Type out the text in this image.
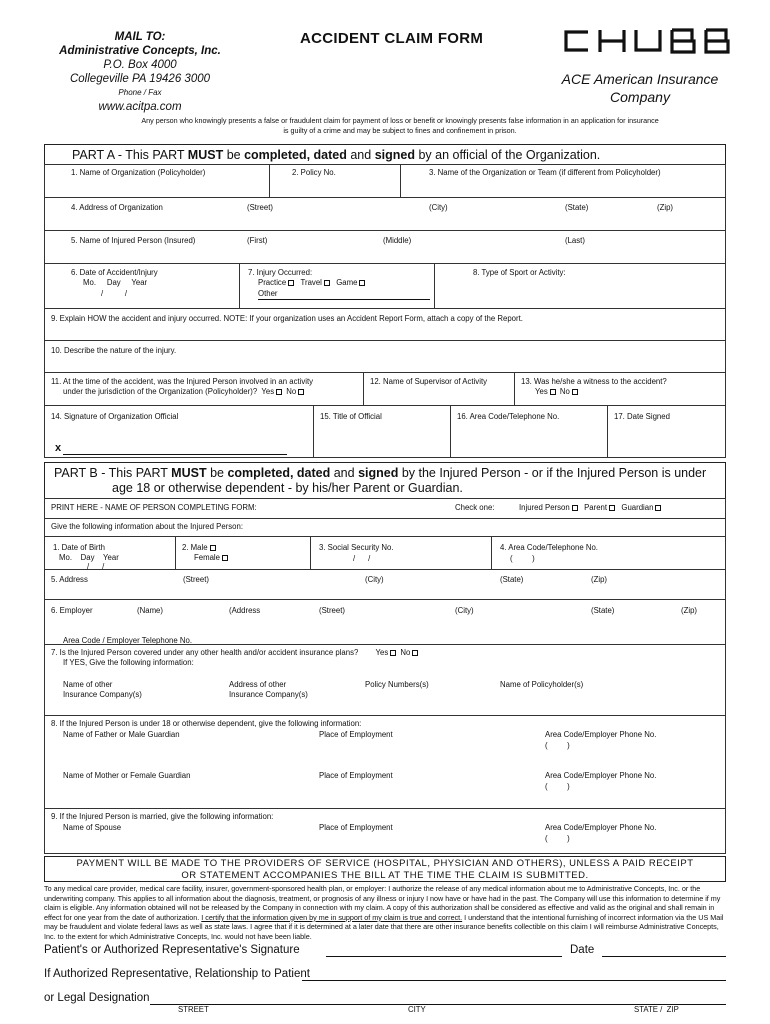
MAIL TO:
Administrative Concepts, Inc.
P.O. Box 4000
Collegeville PA 19426 3000
Phone / Fax
www.acitpa.com
ACCIDENT CLAIM FORM
ACE American Insurance
Company
Any person who knowingly presents a false or fraudulent claim for payment of loss or benefit or knowingly presents false information in an application for insurance is guilty of a crime and may be subject to fines and confinement in prison.
PART A - This PART MUST be completed, dated and signed by an official of the Organization.
1. Name of Organization (Policyholder)	2. Policy No.	3. Name of the Organization or Team (if different from Policyholder)
4. Address of Organization	(Street)	(City)	(State)	(Zip)
5. Name of Injured Person (Insured)	(First)	(Middle)	(Last)
6. Date of Accident/Injury
Mo.     Day     Year
/          /
7. Injury Occurred:
Practice Travel Game
Other
8. Type of Sport or Activity:
9. Explain HOW the accident and injury occurred. NOTE: If your organization uses an Accident Report Form, attach a copy of the Report.
10. Describe the nature of the injury.
11. At the time of the accident, was the Injured Person involved in an activity
under the jurisdiction of the Organization (Policyholder)? Yes No
12. Name of Supervisor of Activity	13. Was he/she a witness to the accident?
Yes No
14. Signature of Organization Official
x
15. Title of Official	16. Area Code/Telephone No.	17. Date Signed
PART B - This PART MUST be completed, dated and signed by the Injured Person - or if the Injured Person is under
age 18 or otherwise dependent - by his/her Parent or Guardian.
PRINT HERE - NAME OF PERSON COMPLETING FORM:	Check one:	Injured Person Parent Guardian
Give the following information about the Injured Person:
1. Date of Birth
Mo.    Day    Year
/      /
2. Male
Female
3. Social Security No.
/      /
4. Area Code/Telephone No.
(         )
5. Address	(Street)	(City)	(State)	(Zip)
6. Employer	(Name)	(Address	(Street)	(City)	(State)	(Zip)
Area Code / Employer Telephone No.
7. Is the Injured Person covered under any other health and/or accident insurance plans? Yes No
If YES, Give the following information:
Name of other
Insurance Company(s)
Address of other
Insurance Company(s)
Policy Numbers(s)	Name of Policyholder(s)
8. If the Injured Person is under 18 or otherwise dependent, give the following information:
Name of Father or Male Guardian	Place of Employment	Area Code/Employer Phone No.
(         )
Name of Mother or Female Guardian	Place of Employment	Area Code/Employer Phone No.
(         )
9. If the Injured Person is married, give the following information:
Name of Spouse	Place of Employment	Area Code/Employer Phone No.
(         )
PAYMENT WILL BE MADE TO THE PROVIDERS OF SERVICE (HOSPITAL, PHYSICIAN AND OTHERS), UNLESS A PAID RECEIPT
OR STATEMENT ACCOMPANIES THE BILL AT THE TIME THE CLAIM IS SUBMITTED.
To any medical care provider, medical care facility, insurer, government-sponsored health plan, or employer: I authorize the release of any medical information about me to Administrative Concepts, Inc. or the underwriting company. This applies to all information about the diagnosis, treatment, or prognosis of any illness or injury I now have or have had in the past. The Company will use this information to determine if my claim is eligible. Any information obtained will not be released by the Company in connection with my claim. A copy of this authorization shall be considered as effective and valid as the original and shall remain in effect for one year from the date of authorization. I certify that the information given by me in support of my claim is true and correct. I understand that the intentional furnishing of incorrect information via the US Mail may be fraudulent and violate federal laws as well as state laws. I agree that if it is determined at a later date that there are other insurance benefits collectible on this claim I will reimburse Administrative Concepts, Inc. to the extent for which Administrative Concepts, Inc. would not have been liable.
Patient's or Authorized Representative's Signature	Date
If Authorized Representative, Relationship to Patient
or Legal Designation
STREET	CITY	STATE /  ZIP
